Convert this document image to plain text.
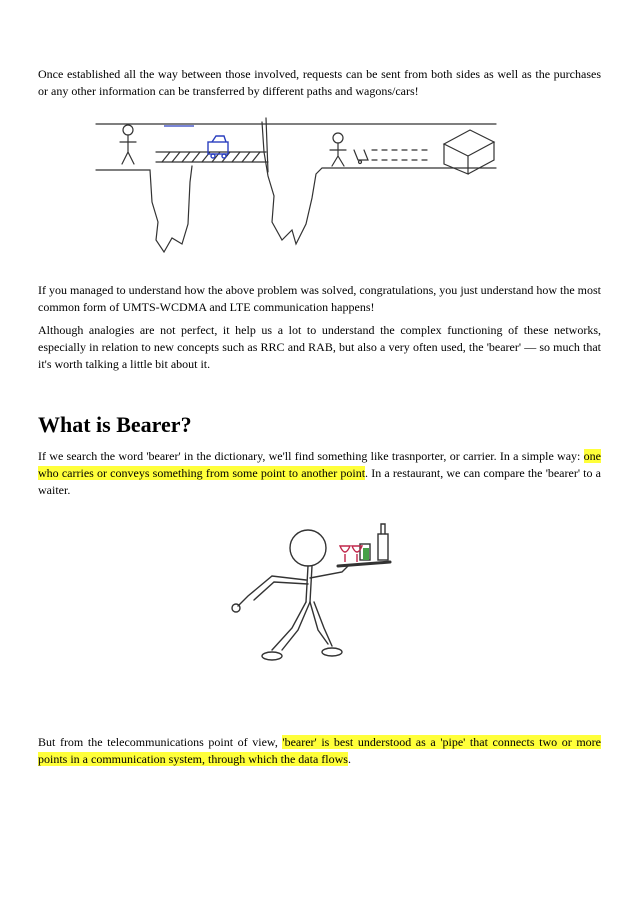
Once established all the way between those involved, requests can be sent from both sides as well as the purchases or any other information can be transferred by different paths and wagons/cars!

If you managed to understand how the above problem was solved, congratulations, you just understand how the most common form of UMTS-WCDMA and LTE communication happens!

Although analogies are not perfect, it help us a lot to understand the complex functioning of these networks, especially in relation to new concepts such as RRC and RAB, but also a very often used, the 'bearer' — so much that it's worth talking a little bit about it.

What is Bearer?

If we search the word 'bearer' in the dictionary, we'll find something like trasnporter, or carrier. In a simple way: one who carries or conveys something from some point to another point. In a restaurant, we can compare the 'bearer' to a waiter.

But from the telecommunications point of view, 'bearer' is best understood as a 'pipe' that connects two or more points in a communication system, through which the data flows.
